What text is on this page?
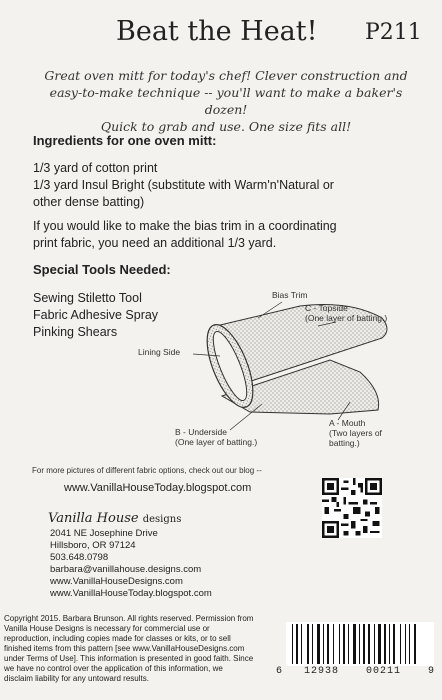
Beat the Heat! P211
Great oven mitt for today's chef! Clever construction and
easy-to-make technique -- you'll want to make a baker's dozen!
Quick to grab and use. One size fits all!
Ingredients for one oven mitt:
1/3 yard of cotton print
1/3 yard Insul Bright (substitute with Warm'n'Natural or
other dense batting)
If you would like to make the bias trim in a coordinating
print fabric, you need an additional 1/3 yard.
Special Tools Needed:
Sewing Stiletto Tool
Fabric Adhesive Spray
Pinking Shears
Bias Trim
C - Topside
(One layer of batting.)
Lining Side
B - Underside
(One layer of batting.)
A - Mouth
(Two layers of
batting.)
For more pictures of different fabric options, check out our blog --
www.VanillaHouseToday.blogspot.com
Vanilla House designs
2041 NE Josephine Drive
Hillsboro, OR 97124
503.648.0798
barbara@vanillahouse.designs.com
www.VanillaHouseDesigns.com
www.VanillaHouseToday.blogspot.com
Copyright 2015. Barbara Brunson. All rights reserved. Permission from
Vanilla House Designs is necessary for commercial use or
reproduction, including copies made for classes or kits, or to sell
finished items from this pattern [see www.VanillaHouseDesigns.com
under Terms of Use]. This information is presented in good faith. Since
we have no control over the application of this information, we
disclaim liability for any untoward results.
6 12938	00211	9
